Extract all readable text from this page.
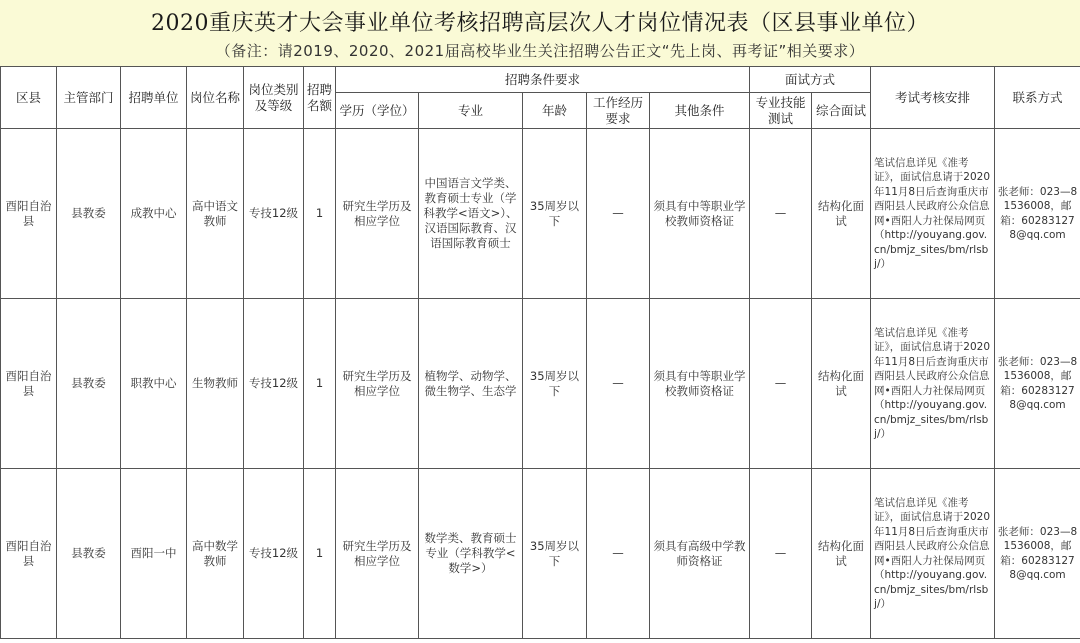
2020重庆英才大会事业单位考核招聘高层次人才岗位情况表（区县事业单位）
（备注：请2019、2020、2021届高校毕业生关注招聘公告正文“先上岗、再考证”相关要求）
区县	主管部门	招聘单位	岗位名称	岗位类别及等级	招聘名额	招聘条件要求					面试方式		考试考核安排	联系方式
						学历（学位）	专业	年龄	工作经历要求	其他条件	专业技能测试	综合面试		
酉阳自治县	县教委	成教中心	高中语文教师	专技12级	1	研究生学历及相应学位	中国语言文学类、教育硕士专业（学科教学<语文>）、汉语国际教育、汉语国际教育硕士	35周岁以下	—	须具有中等职业学校教师资格证	—	结构化面试	笔试信息详见《准考证》，面试信息请于2020年11月8日后查询重庆市酉阳县人民政府公众信息网•酉阳人力社保局网页（http://youyang.gov.cn/bmjz_sites/bm/rlsbj/）	张老师：023—81536008，邮箱：602831278@qq.com
酉阳自治县	县教委	职教中心	生物教师	专技12级	1	研究生学历及相应学位	植物学、动物学、微生物学、生态学	35周岁以下	—	须具有中等职业学校教师资格证	—	结构化面试	笔试信息详见《准考证》，面试信息请于2020年11月8日后查询重庆市酉阳县人民政府公众信息网•酉阳人力社保局网页（http://youyang.gov.cn/bmjz_sites/bm/rlsbj/）	张老师：023—81536008，邮箱：602831278@qq.com
酉阳自治县	县教委	酉阳一中	高中数学教师	专技12级	1	研究生学历及相应学位	数学类、教育硕士专业（学科教学<数学>）	35周岁以下	—	须具有高级中学教师资格证	—	结构化面试	笔试信息详见《准考证》，面试信息请于2020年11月8日后查询重庆市酉阳县人民政府公众信息网•酉阳人力社保局网页（http://youyang.gov.cn/bmjz_sites/bm/rlsbj/）	张老师：023—81536008，邮箱：602831278@qq.com
